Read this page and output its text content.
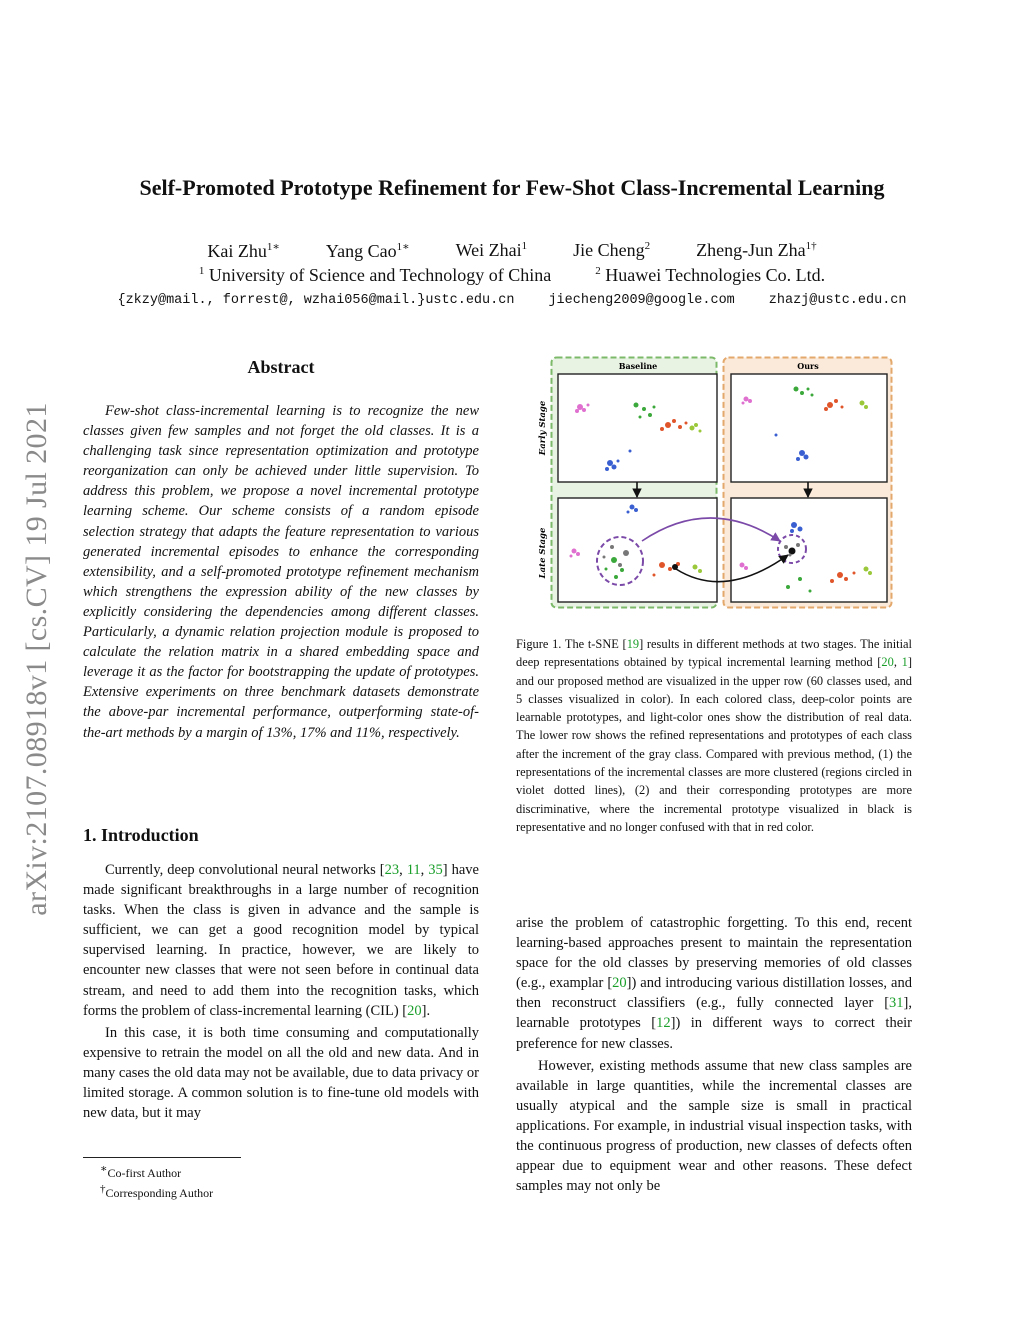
arXiv:2107.08918v1 [cs.CV] 19 Jul 2021
Self-Promoted Prototype Refinement for Few-Shot Class-Incremental Learning
Kai Zhu$^{1∗}$	Yang Cao$^{1∗}$	Wei Zhai$^1$	Jie Cheng$^2$	Zheng-Jun Zha$^{1\dagger}$
$^1$ University of Science and Technology of China	$^2$ Huawei Technologies Co. Ltd.
{zkzy@mail., forrest@, wzhai056@mail.}ustc.edu.cn	jiecheng2009@google.com	zhazj@ustc.edu.cn
Abstract
Few-shot class-incremental learning is to recognize the new classes given few samples and not forget the old classes. It is a challenging task since representation optimization and prototype reorganization can only be achieved under little supervision. To address this problem, we propose a novel incremental prototype learning scheme. Our scheme consists of a random episode selection strategy that adapts the feature representation to various generated incremental episodes to enhance the corresponding extensibility, and a self-promoted prototype refinement mechanism which strengthens the expression ability of the new classes by explicitly considering the dependencies among different classes. Particularly, a dynamic relation projection module is proposed to calculate the relation matrix in a shared embedding space and leverage it as the factor for bootstrapping the update of prototypes. Extensive experiments on three benchmark datasets demonstrate the above-par incremental performance, outperforming state-of-the-art methods by a margin of 13%, 17% and 11%, respectively.
1. Introduction

Currently, deep convolutional neural networks [23, 11, 35] have made significant breakthroughs in a large number of recognition tasks. When the class is given in advance and the sample is sufficient, we can get a good recognition model by typical supervised learning. In practice, however, we are likely to encounter new classes that were not seen before in continual data stream, and need to add them into the recognition tasks, which forms the problem of class-incremental learning (CIL) [20].

In this case, it is both time consuming and computationally expensive to retrain the model on all the old and new data. And in many cases the old data may not be available, due to data privacy or limited storage. A common solution is to fine-tune old models with new data, but it may

∗Co-first Author
†Corresponding Author
Baseline	Ours
Early Stage
Late Stage
Figure 1. The t-SNE [19] results in different methods at two stages. The initial deep representations obtained by typical incremental learning method [20, 1] and our proposed method are visualized in the upper row (60 classes used, and 5 classes visualized in color). In each colored class, deep-color points are learnable prototypes, and light-color ones show the distribution of real data. The lower row shows the refined representations and prototypes of each class after the increment of the gray class. Compared with previous method, (1) the representations of the incremental classes are more clustered (regions circled in violet dotted lines), (2) and their corresponding prototypes are more discriminative, where the incremental prototype visualized in black is representative and no longer confused with that in red color.

arise the problem of catastrophic forgetting. To this end, recent learning-based approaches present to maintain the representation space for the old classes by preserving memories of old classes (e.g., examplar [20]) and introducing various distillation losses, and then reconstruct classifiers (e.g., fully connected layer [31], learnable prototypes [12]) in different ways to correct their preference for new classes.

However, existing methods assume that new class samples are available in large quantities, while the incremental classes are usually atypical and the sample size is small in practical applications. For example, in industrial visual inspection tasks, with the continuous progress of production, new classes of defects often appear due to equipment wear and other reasons. These defect samples may not only be
